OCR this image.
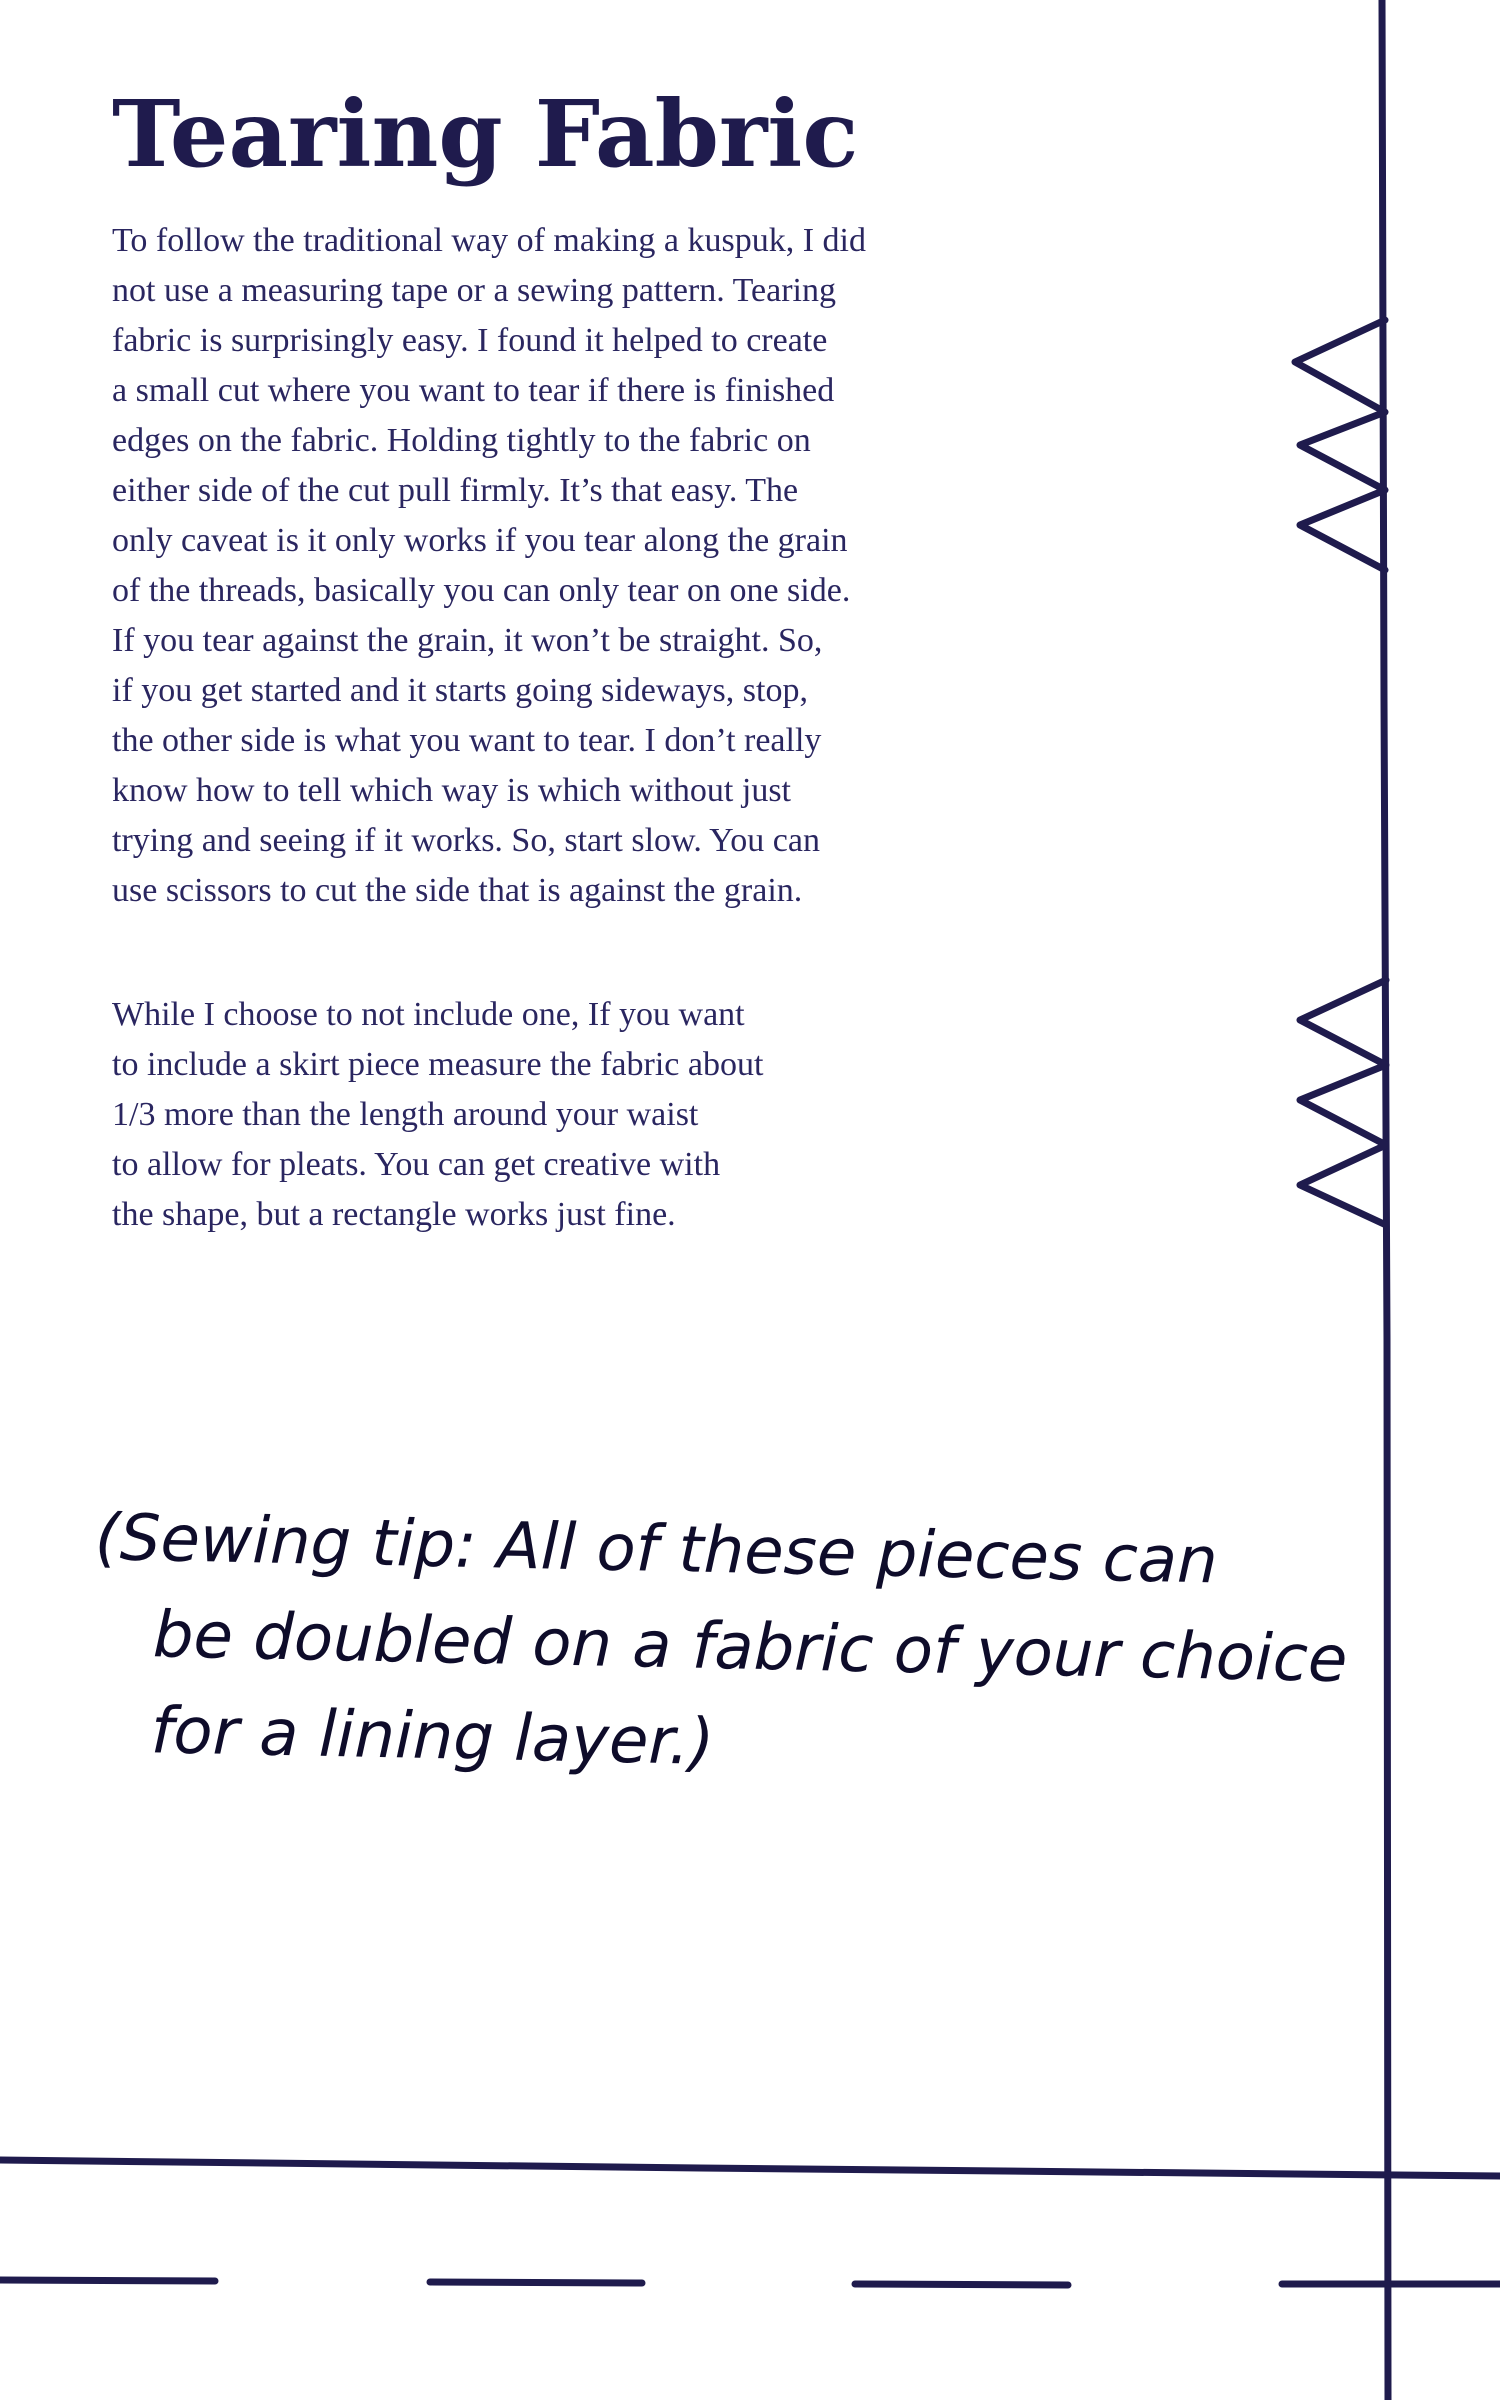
Tearing Fabric
To follow the traditional way of making a kuspuk, I did
not use a measuring tape or a sewing pattern. Tearing
fabric is surprisingly easy. I found it helped to create
a small cut where you want to tear if there is finished
edges on the fabric. Holding tightly to the fabric on
either side of the cut pull firmly. It’s that easy. The
only caveat is it only works if you tear along the grain
of the threads, basically you can only tear on one side.
If you tear against the grain, it won’t be straight. So,
if you get started and it starts going sideways, stop,
the other side is what you want to tear. I don’t really
know how to tell which way is which without just
trying and seeing if it works. So, start slow. You can
use scissors to cut the side that is against the grain.
While I choose to not include one, If you want
to include a skirt piece measure the fabric about
1/3 more than the length around your waist
to allow for pleats. You can get creative with
the shape, but a rectangle works just fine.
(Sewing tip: All of these pieces can
be doubled on a fabric of your choice
for a lining layer.)
